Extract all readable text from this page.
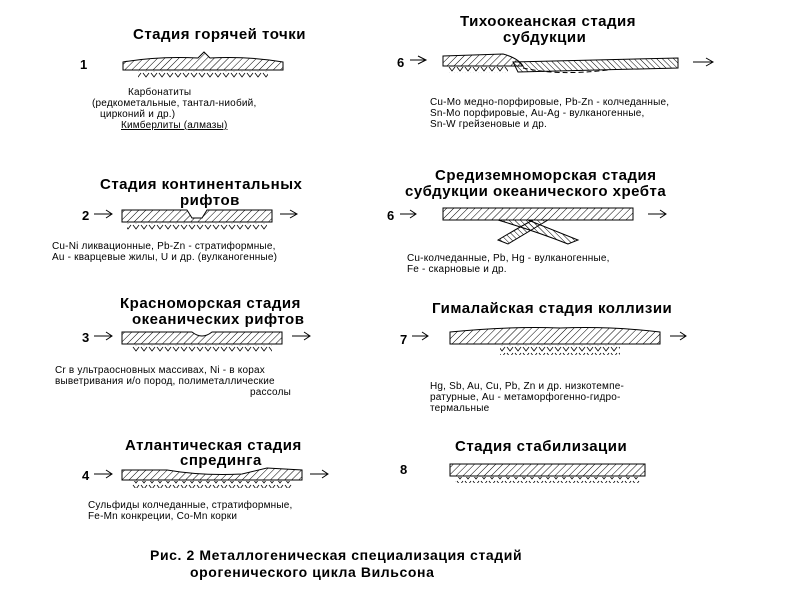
Стадия горячей точки
1
Карбонатиты
(редкометальные, тантал-ниобий,
цирконий и др.)
Кимберлиты (алмазы)
Тихоокеанская стадия
субдукции
6
Cu-Mo медно-порфировые, Pb-Zn - колчеданные,
Sn-Mo порфировые, Au-Ag - вулканогенные,
Sn-W грейзеновые и др.
Стадия континентальных
рифтов
2
Cu-Ni ликвационные, Pb-Zn - стратиформные,
Au - кварцевые жилы, U и др. (вулканогенные)
Средиземноморская стадия
субдукции океанического хребта
6
Cu-колчеданные, Pb, Hg - вулканогенные,
Fe - скарновые и др.
Красноморская стадия
океанических рифтов
3
Cr в ультраосновных массивах, Ni - в корах
выветривания и/о пород, полиметаллические
рассолы
Гималайская стадия коллизии
7
Hg, Sb, Au, Cu, Pb, Zn и др. низкотемпе-
ратурные, Au - метаморфогенно-гидро-
термальные
Атлантическая стадия
спрединга
4
Сульфиды колчеданные, стратиформные,
Fe-Mn конкреции, Co-Mn корки
Стадия стабилизации
8
Рис. 2 Металлогеническая специализация стадий
орогенического цикла Вильсона
